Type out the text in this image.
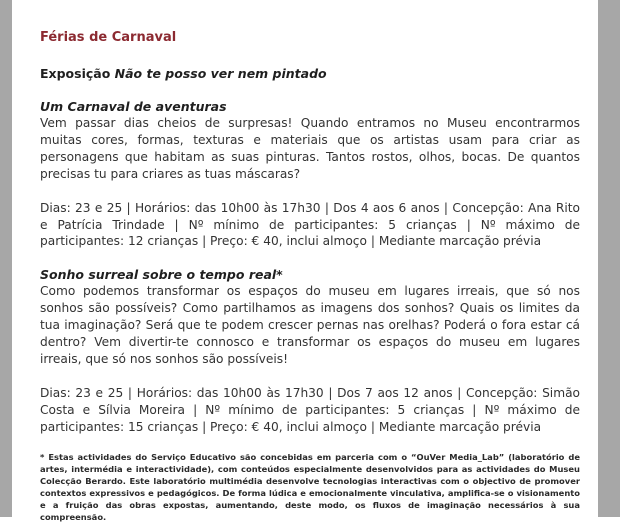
Férias de Carnaval
Exposição Não te posso ver nem pintado
Um Carnaval de aventuras

Vem passar dias cheios de surpresas! Quando entramos no Museu encontrarmos muitas cores, formas, texturas e materiais que os artistas usam para criar as personagens que habitam as suas pinturas. Tantos rostos, olhos, bocas. De quantos precisas tu para criares as tuas máscaras?

Dias: 23 e 25 | Horários: das 10h00 às 17h30 | Dos 4 aos 6 anos | Concepção: Ana Rito e Patrícia Trindade | Nº mínimo de participantes: 5 crianças | Nº máximo de participantes: 12 crianças | Preço: € 40, inclui almoço | Mediante marcação prévia

Sonho surreal sobre o tempo real*

Como podemos transformar os espaços do museu em lugares irreais, que só nos sonhos são possíveis? Como partilhamos as imagens dos sonhos? Quais os limites da tua imaginação? Será que te podem crescer pernas nas orelhas? Poderá o fora estar cá dentro? Vem divertir-te connosco e transformar os espaços do museu em lugares irreais, que só nos sonhos são possíveis!

Dias: 23 e 25 | Horários: das 10h00 às 17h30 | Dos 7 aos 12 anos | Concepção: Simão Costa e Sílvia Moreira | Nº mínimo de participantes: 5 crianças | Nº máximo de participantes: 15 crianças | Preço: € 40, inclui almoço | Mediante marcação prévia

* Estas actividades do Serviço Educativo são concebidas em parceria com o “OuVer Media_Lab” (laboratório de artes, intermédia e interactividade), com conteúdos especialmente desenvolvidos para as actividades do Museu Colecção Berardo. Este laboratório multimédia desenvolve tecnologias interactivas com o objectivo de promover contextos expressivos e pedagógicos. De forma lúdica e emocionalmente vinculativa, amplifica-se o visionamento e a fruição das obras expostas, aumentando, deste modo, os fluxos de imaginação necessários à sua compreensão.
